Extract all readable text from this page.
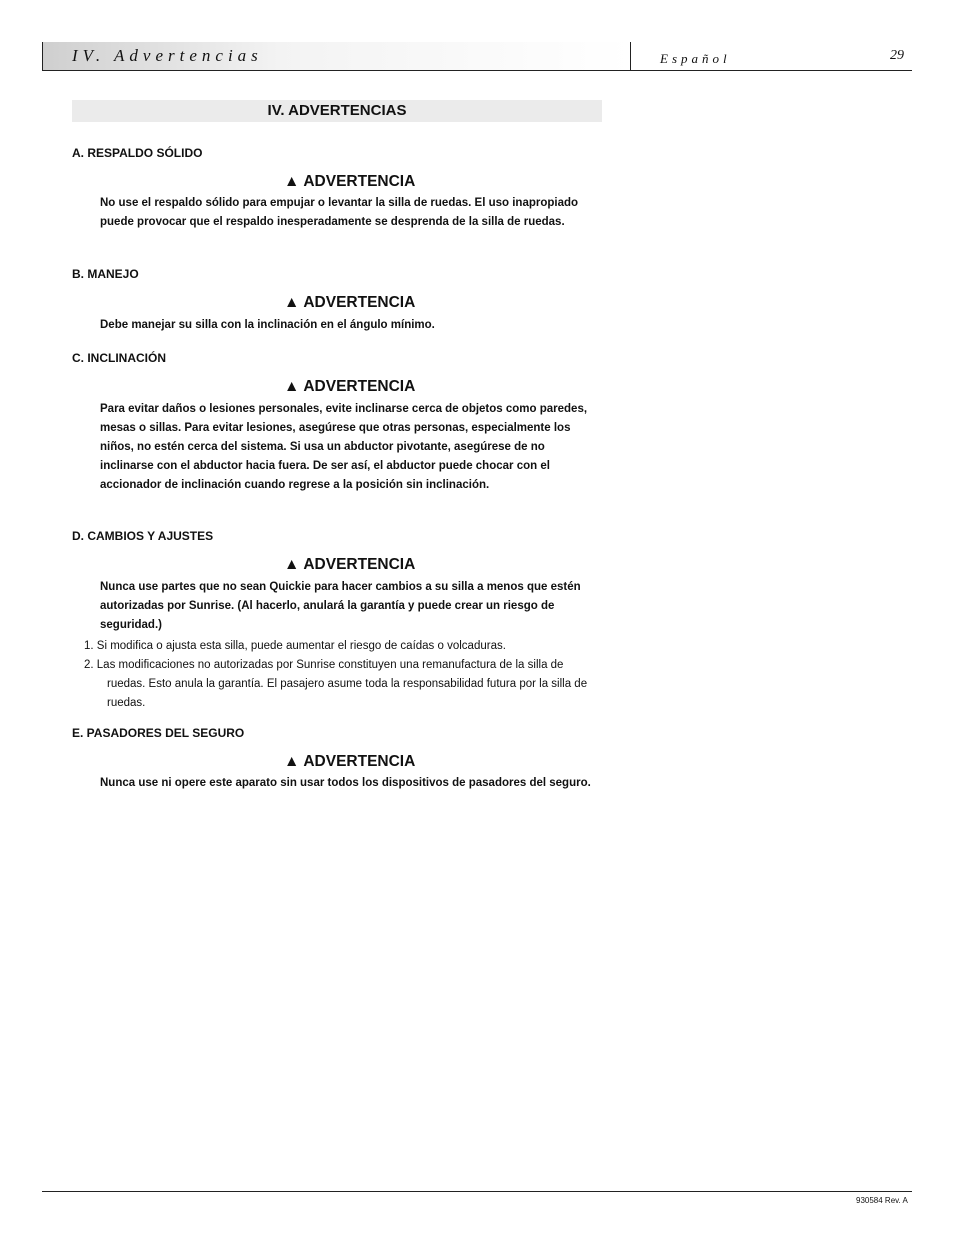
IV. Advertencias	Español	29
IV. ADVERTENCIAS
A. RESPALDO SÓLIDO
▲ ADVERTENCIA
No use el respaldo sólido para empujar o levantar la silla de ruedas. El uso inapropiado puede provocar que el respaldo inesperadamente se desprenda de la silla de ruedas.
B. MANEJO
▲ ADVERTENCIA
Debe manejar su silla con la inclinación en el ángulo mínimo.
C. INCLINACIÓN
▲ ADVERTENCIA
Para evitar daños o lesiones personales, evite inclinarse cerca de objetos como paredes, mesas o sillas. Para evitar lesiones, asegúrese que otras personas, especialmente los niños, no estén cerca del sistema. Si usa un abductor pivotante, asegúrese de no inclinarse con el abductor hacia fuera. De ser así, el abductor puede chocar con el accionador de inclinación cuando regrese a la posición sin inclinación.
D. CAMBIOS Y AJUSTES
▲ ADVERTENCIA
Nunca use partes que no sean Quickie para hacer cambios a su silla a menos que estén autorizadas por Sunrise. (Al hacerlo, anulará la garantía y puede crear un riesgo de seguridad.)
1. Si modifica o ajusta esta silla, puede aumentar el riesgo de caídas o volcaduras.
2. Las modificaciones no autorizadas por Sunrise constituyen una remanufactura de la silla de ruedas. Esto anula la garantía. El pasajero asume toda la responsabilidad futura por la silla de ruedas.
E. PASADORES DEL SEGURO
▲ ADVERTENCIA
Nunca use ni opere este aparato sin usar todos los dispositivos de pasadores del seguro.
930584 Rev. A
